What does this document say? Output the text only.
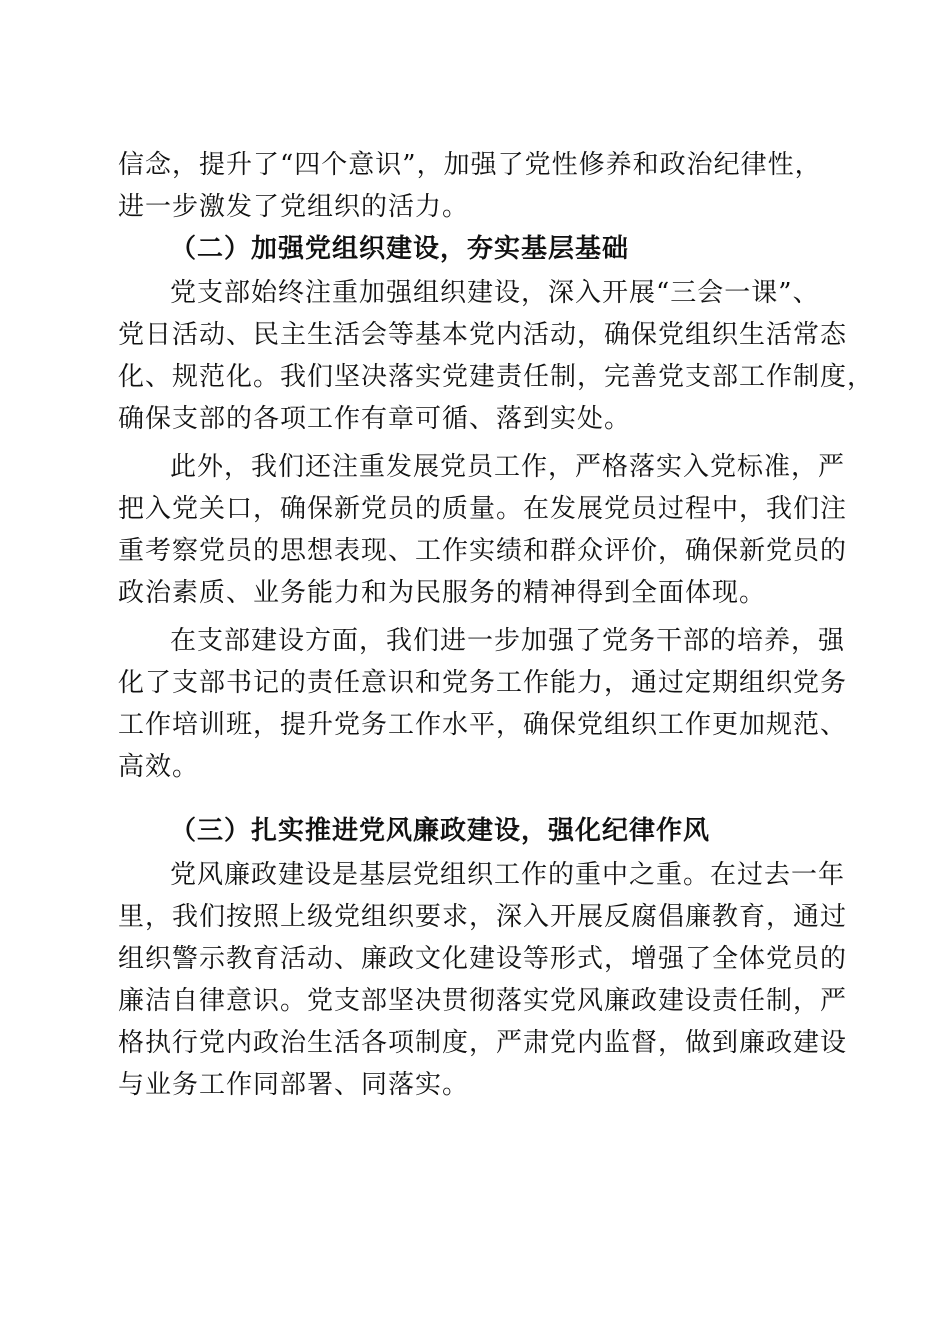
信念，提升了“四个意识”，加强了党性修养和政治纪律性，
进一步激发了党组织的活力。
（二）加强党组织建设，夯实基层基础
党支部始终注重加强组织建设，深入开展“三会一课”、
党日活动、民主生活会等基本党内活动，确保党组织生活常态
化、规范化。我们坚决落实党建责任制，完善党支部工作制度，
确保支部的各项工作有章可循、落到实处。
此外，我们还注重发展党员工作，严格落实入党标准，严
把入党关口，确保新党员的质量。在发展党员过程中，我们注
重考察党员的思想表现、工作实绩和群众评价，确保新党员的
政治素质、业务能力和为民服务的精神得到全面体现。
在支部建设方面，我们进一步加强了党务干部的培养，强
化了支部书记的责任意识和党务工作能力，通过定期组织党务
工作培训班，提升党务工作水平，确保党组织工作更加规范、
高效。
（三）扎实推进党风廉政建设，强化纪律作风
党风廉政建设是基层党组织工作的重中之重。在过去一年
里，我们按照上级党组织要求，深入开展反腐倡廉教育，通过
组织警示教育活动、廉政文化建设等形式，增强了全体党员的
廉洁自律意识。党支部坚决贯彻落实党风廉政建设责任制，严
格执行党内政治生活各项制度，严肃党内监督，做到廉政建设
与业务工作同部署、同落实。
